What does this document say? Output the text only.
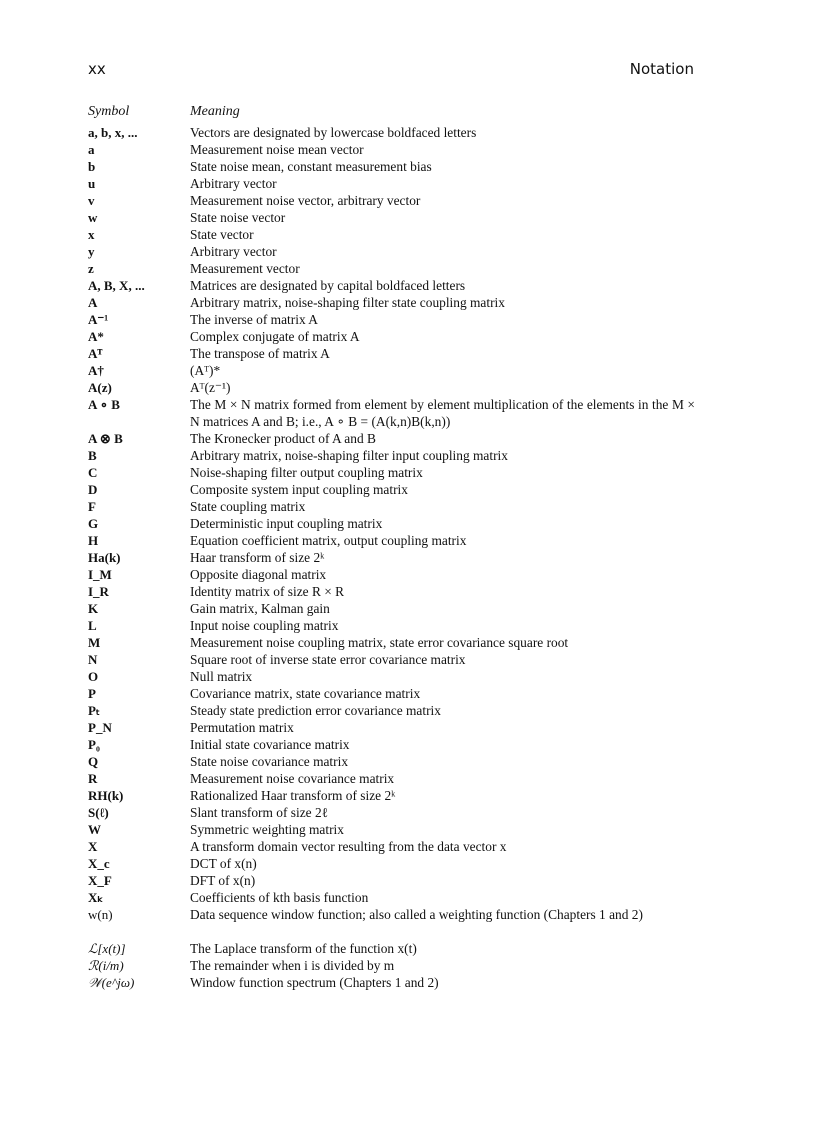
xx	Notation
Symbol	Meaning
a, b, x, ...	Vectors are designated by lowercase boldfaced letters
a	Measurement noise mean vector
b	State noise mean, constant measurement bias
u	Arbitrary vector
v	Measurement noise vector, arbitrary vector
w	State noise vector
x	State vector
y	Arbitrary vector
z	Measurement vector
A, B, X, ...	Matrices are designated by capital boldfaced letters
A	Arbitrary matrix, noise-shaping filter state coupling matrix
A⁻¹	The inverse of matrix A
A*	Complex conjugate of matrix A
Aᵀ	The transpose of matrix A
A†	(Aᵀ)*
A(z)	Aᵀ(z⁻¹)
A ∘ B	The M × N matrix formed from element by element multiplication of the elements in the M × N matrices A and B; i.e., A ∘ B = (A(k,n)B(k,n))
A ⊗ B	The Kronecker product of A and B
B	Arbitrary matrix, noise-shaping filter input coupling matrix
C	Noise-shaping filter output coupling matrix
D	Composite system input coupling matrix
F	State coupling matrix
G	Deterministic input coupling matrix
H	Equation coefficient matrix, output coupling matrix
Ha(k)	Haar transform of size 2ᵏ
I_M	Opposite diagonal matrix
I_R	Identity matrix of size R × R
K	Gain matrix, Kalman gain
L	Input noise coupling matrix
M	Measurement noise coupling matrix, state error covariance square root
N	Square root of inverse state error covariance matrix
O	Null matrix
P	Covariance matrix, state covariance matrix
Pₜ	Steady state prediction error covariance matrix
P_N	Permutation matrix
P₀	Initial state covariance matrix
Q	State noise covariance matrix
R	Measurement noise covariance matrix
RH(k)	Rationalized Haar transform of size 2ᵏ
S(ℓ)	Slant transform of size 2ℓ
W	Symmetric weighting matrix
X	A transform domain vector resulting from the data vector x
X_c	DCT of x(n)
X_F	DFT of x(n)
Xₖ	Coefficients of kth basis function
w(n)	Data sequence window function; also called a weighting function (Chapters 1 and 2)
ℒ[x(t)]	The Laplace transform of the function x(t)
ℛ(i/m)	The remainder when i is divided by m
𝒲(e^jω)	Window function spectrum (Chapters 1 and 2)
